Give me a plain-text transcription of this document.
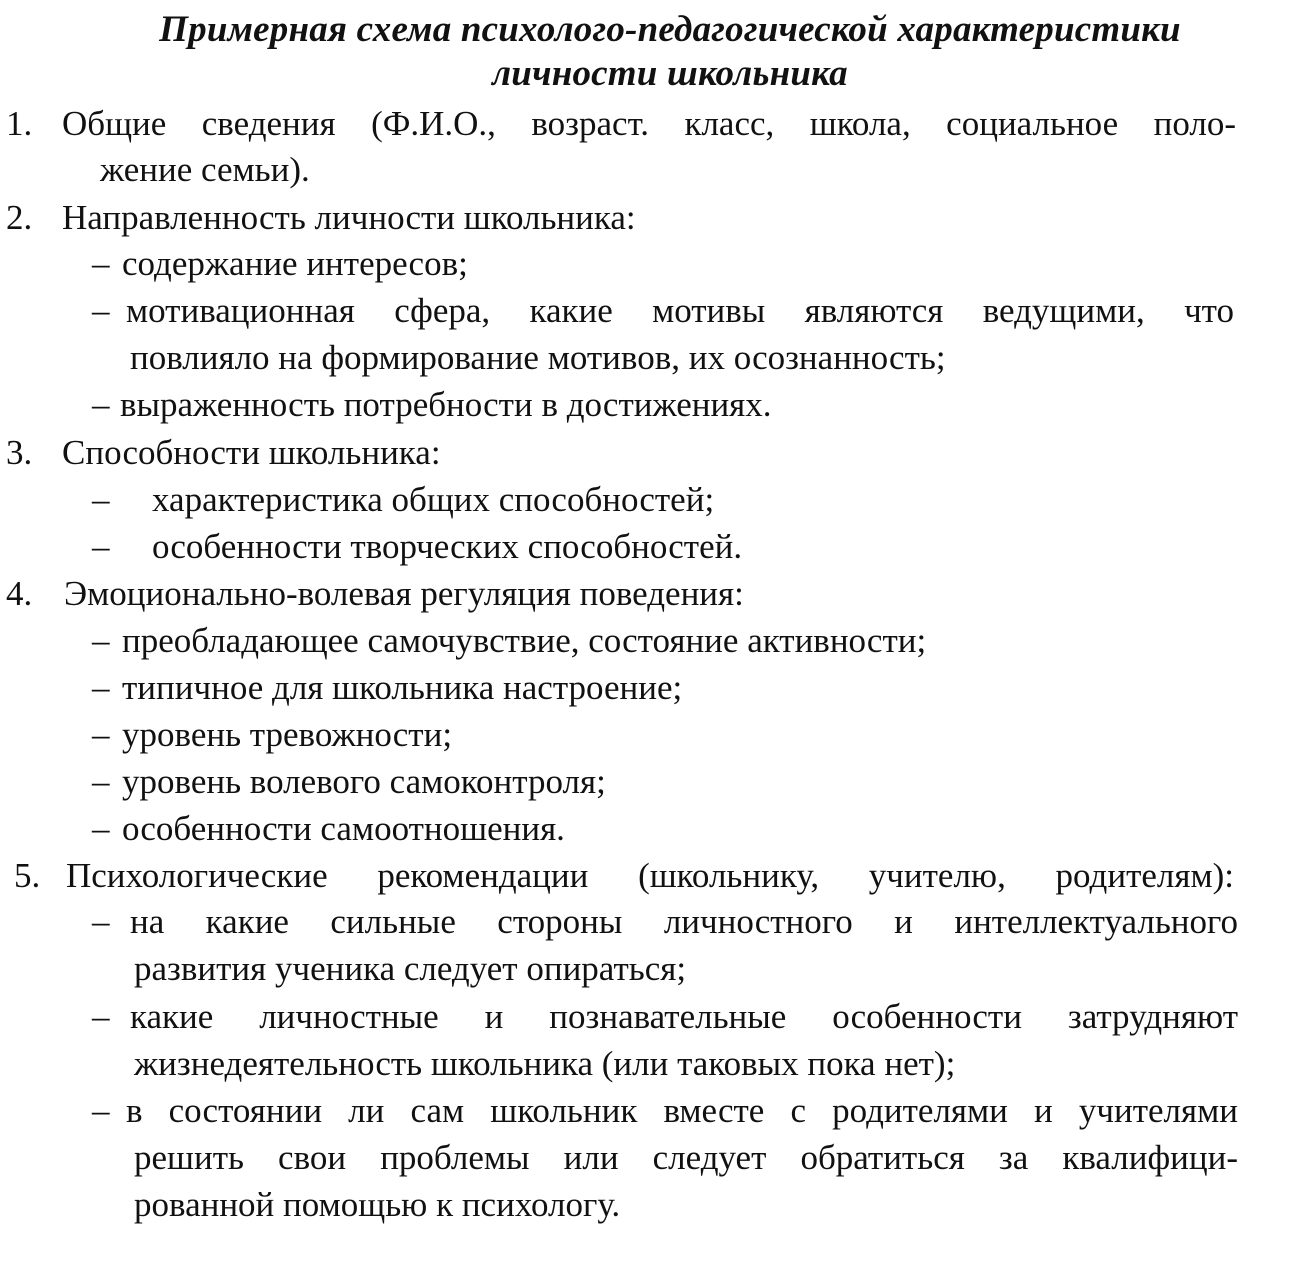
Примерная схема психолого-педагогической характеристики
личности школьника
1. Общие сведения (Ф.И.О., возраст. класс, школа, социальное поло-
жение семьи).
2. Направленность личности школьника:
– содержание интересов;
– мотивационная сфера, какие мотивы являются ведущими, что
повлияло на формирование мотивов, их осознанность;
– выраженность потребности в достижениях.
3. Способности школьника:
– характеристика общих способностей;
– особенности творческих способностей.
4. Эмоционально-волевая регуляция поведения:
– преобладающее самочувствие, состояние активности;
– типичное для школьника настроение;
– уровень тревожности;
– уровень волевого самоконтроля;
– особенности самоотношения.
5. Психологические рекомендации (школьнику, учителю, родителям):
– на какие сильные стороны личностного и интеллектуального
развития ученика следует опираться;
– какие личностные и познавательные особенности затрудняют
жизнедеятельность школьника (или таковых пока нет);
– в состоянии ли сам школьник вместе с родителями и учителями
решить свои проблемы или следует обратиться за квалифици-
рованной помощью к психологу.
